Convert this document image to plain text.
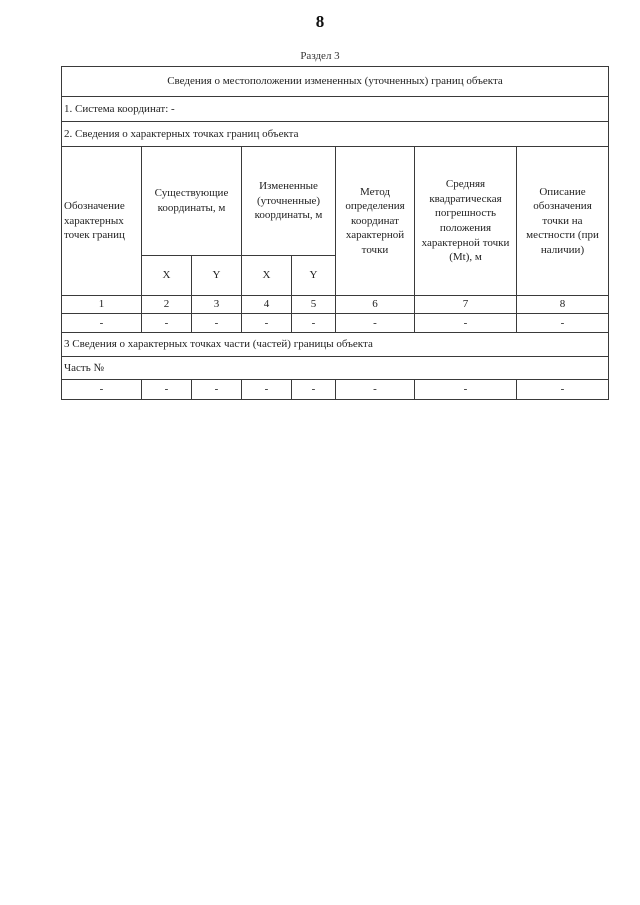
8
Раздел 3
Сведения о местоположении измененных (уточненных) границ объекта							
1. Система координат: -							
2. Сведения о характерных точках границ объекта							
Обозначение характерных точек границ	Существующие координаты, м		Измененные (уточненные) координаты, м		Метод определения координат характерной точки	Средняя квадратическая погрешность положения характерной точки (Mt), м	Описание обозначения точки на местности (при наличии)
	X	Y	X	Y			
1	2	3	4	5	6	7	8
-	-	-	-	-	-	-	-
3 Сведения о характерных точках части (частей) границы объекта							
Часть №							
-	-	-	-	-	-	-	-
